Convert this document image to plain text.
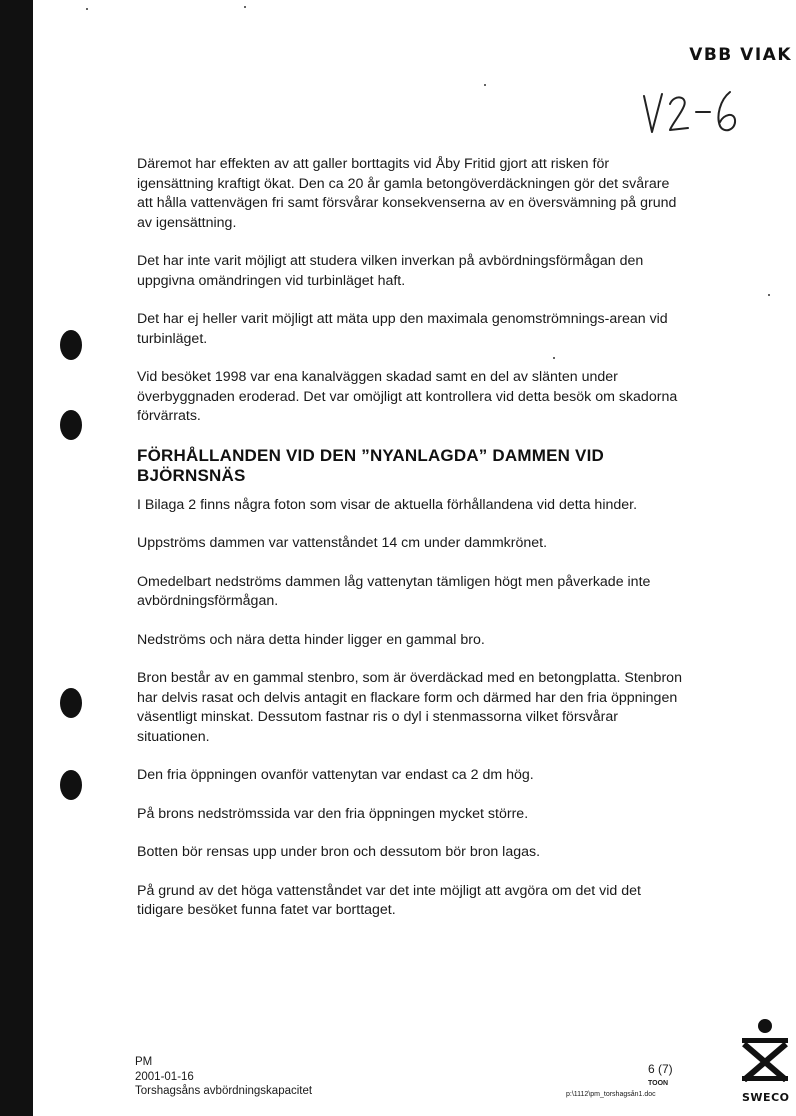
VBB VIAK

Däremot har effekten av att galler borttagits vid Åby Fritid gjort att risken för igensättning kraftigt ökat. Den ca 20 år gamla betongöverdäckningen gör det svårare att hålla vattenvägen fri samt försvårar konsekvenserna av en översvämning på grund av igensättning.

Det har inte varit möjligt att studera vilken inverkan på avbördningsförmågan den uppgivna omändringen vid turbinläget haft.

Det har ej heller varit möjligt att mäta upp den maximala genomströmnings-arean vid turbinläget.

Vid besöket 1998 var ena kanalväggen skadad samt en del av slänten under överbyggnaden eroderad. Det var omöjligt att kontrollera vid detta besök om skadorna förvärrats.

FÖRHÅLLANDEN VID DEN ”NYANLAGDA” DAMMEN VID BJÖRNSNÄS

I Bilaga 2 finns några foton som visar de aktuella förhållandena vid detta hinder.

Uppströms dammen var vattenståndet 14 cm under dammkrönet.

Omedelbart nedströms dammen låg vattenytan tämligen högt men påverkade inte avbördningsförmågan.

Nedströms och nära detta hinder ligger en gammal bro.

Bron består av en gammal stenbro, som är överdäckad med en betongplatta. Stenbron har delvis rasat och delvis antagit en flackare form och därmed har den fria öppningen väsentligt minskat. Dessutom fastnar ris o dyl i stenmassorna vilket försvårar situationen.

Den fria öppningen ovanför vattenytan var endast ca 2 dm hög.

På brons nedströmssida var den fria öppningen mycket större.

Botten bör rensas upp under bron och dessutom bör bron lagas.

På grund av det höga vattenståndet var det inte möjligt att avgöra om det vid det tidigare besöket funna fatet var borttaget.

PM
2001-01-16
Torshagsåns avbördningskapacitet
6 (7)
TOON
p:\1112\pm_torshagsån1.doc	SWECO
